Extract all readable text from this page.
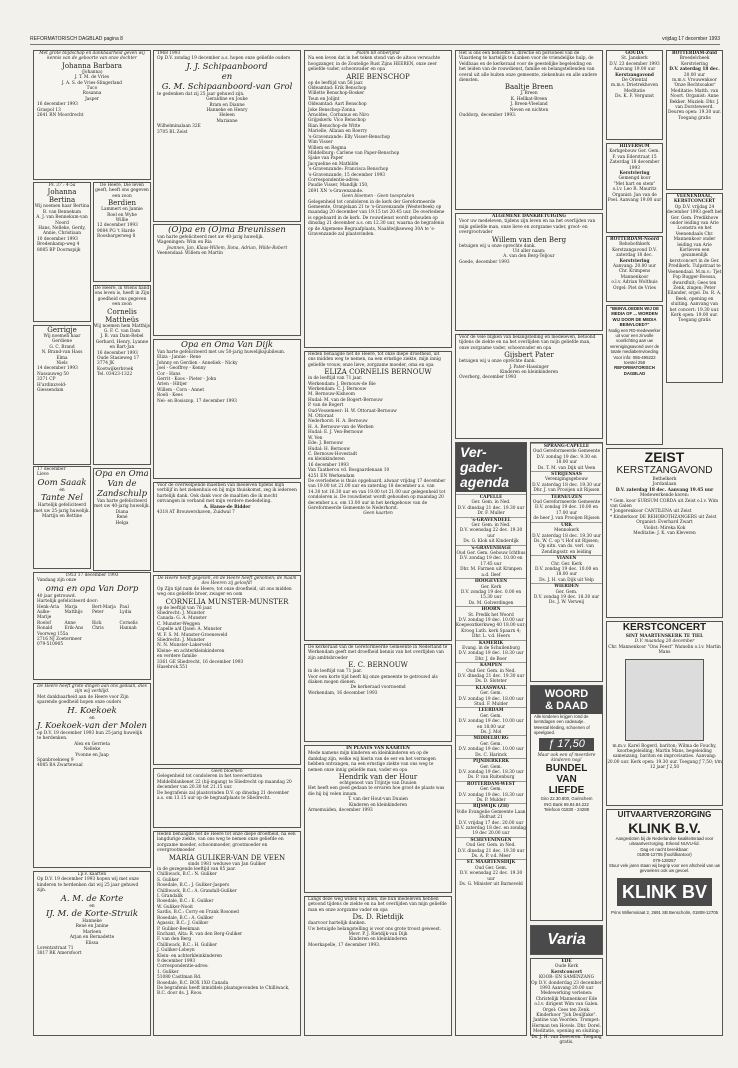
REFORMATORISCH DAGBLAD pagina 8	vrijdag 17 december 1993
Met grote blijdschap en dankbaarheid geven wij kennis van de geboorte van onze dochter
Johanna Barbara
(Johanna)
J. T. M. de Vries
J. A. S. de Vries-Slingerland
Tuco
Rosanna
Jasper
16 december 1993
Graspol 13
2641 RN Moordrecht
Ps. 37 : 4-5a
Johanna Bertina
Wij noemen haar Bertina
B. van Bennekum
A. J. van Bennekum-van Noord
Hans, Nelleke, Gerdy, Annie, Christiaan
10 december 1993
Bredenkamp-weg 4
8085 BP Doornspijk
Gerrigje
Wij noemen haar Gerdiene
G. C. Brand
N. Brand-van Hass
Elma
Niels
14 december 1993
Nassauweg 50
3371 CP
H'ardinxveld-Giessendam
17 december
Lieve
Oom Saaak
en
Tante Nel
Hartelijk gefeliciteerd met uw 25-jarig huwelijk.
Martijn en Bettine
1953 17 december 1993
Vandaag zijn onze
oma en opa Van Dorp
40 jaar getrouwd.
Hartelijk gefeliciteerd door:
Henk-Aria	Marja	Bert-Marja Paul
Aalke-Marije
Matthijs	Peter	Lydia
Roelof	Anne	Rick	Cornelis
Ronald	Erik-Ans	Chris	Hannah
Voorweg 155a
2716 NJ Zoetermeer
079-510905
De Heere heeft grote dingen aan ons gedaan, dies zijn wij verblijd.
Met dankbaarheid aan de Heere voor Zijn sparende goedheid hopen onze ouders
H. Koekoek
en
J. Koekoek-van der Molen
op D.V. 19 december 1993 hun 25-jarig huwelijk te herdenken.
Alex en Gerrieta
Nelleke
Yvonne en Jaap
Spanbroekweg 9
4085 BA Zwartewaal
i.p.v. kaarten
Op D.V. 19 december 1993 hopen wij met onze kinderen te herdenken dat wij 25 jaar gehuwd zijn.
A. M. de Korte
en
IJ. M. de Korte-Struik
Hanneke
René en Janine
Marleen
Arjan en Bernadette
Elissa
Lorentzstraat 71
3817 RK Amersfoort
1968 1993
Op D.V. zondag 19 december a.s. hopen onze geliefde ouders
J. J. Schipaanboord
en
G. M. Schipaanboord-van Grol
te gedenken dat zij 25 jaar gehuwd zijn.
Geraldine en Jouke
Bram en Dianne
Hanneke en Henry
Heleen
Marianne
Wilhelminalaan 32E
3705 BL Zeist
De Heere, Die leven geeft, heeft ons gegeven een zoon
Berdien
Lammert en Jannie
Roel en Wybe
Willie
12 december 1993
9084 PG 't Harde
Roosbargerweg 8
De Heere, in Wiens hand ons leven is, heeft in Zijn goedheid ons gegeven een zoon
Cornelis Mattheüs
Wij noemen hem Matthijs
G. F. C. van Dam
J. B. van Dam-Rebel
Gerhard, Henry, Lyanne en Bart-Jan
16 december 1993
Oude Stasieweg 17
3774 JK
Kootwijkerbroek
Tel. 03423-1322
(O)pa en (O)ma Breunissen
van harte gefeliciteerd met uw 40-jarig huwelijk.
Wageningen: Wim en Ria
Jeannes, Jan, Klaas-Willem, Ilona, Adrian, Wilde-Robert
Veenendaal: Willem en Martin
Opa en Oma Van Dijk
Van harte gefeliciteerd met uw 50-jarig huwelijksjubileum.
Eliza - Jannie - Rene
Johnny en Gerdien - Anneliek - Nicky
Joel - Geoffrey - Kenny
Cor - Hans
Gerrit - Koos - Pieter - John
Arien - Hiltjer
Willem - Corn - Annet
Roeli - Kees
Nei- en Bosiszop, 17 december 1993
Voor de overwelpende maeltien van meeleven tijdens mijn verblijf in het ziekenhuis en bij mijn thuiskomst, zeg ik iedereen hartelijk dank. Ook dank voor de maaltien die ik mocht ontvangen in verband met mijn verdere mededeling.
A. Hanse-de Ridder
4318 AT Brouwershaven, Zuidwal 7
Opa en Oma Van de
Zandschulp
Van harte gefeliciteerd met uw 40-jarig huwelijk.
Diana
René
Helga
De Heere heeft gegeven, en de Heere heeft genomen; de Naam des Heeren zij geloofd!
Op Zijn tijd nam de Heere, tot onze droefheid, uit ons midden weg ons geliefde broer, zwager en oom
CORNELIA MUNSTER-MUNSTER
op de leeftijd van 76 jaar.
Sliedrecht: J. Munster
Canada: G. A. Munster
C. Munster-Weggen
Capelle a/d IJssel: A. Munster
W. F. S. M. Munster-Groeneweld
Sliedrecht: J. Munster
N. N. Munster-Lakerveld
Kleine- en achterkleinkinderen
en verdere familie
3361 GE Sliedrecht, 16 december 1993
Hasebrok 551
Geen bloemen
Gelegenheid tot condoleren in het toevoertinten Middelblankenet 22 (bij-ingang) te Sliedrecht op maandag 20 december van 20.30 tot 21.15 uur.
De begrafenis zal plaatsvinden D.V. op dinsdag 21 december a.s. om 13.15 uur op de begraafplaats te Sliedrecht.
Heden behaagde het de Heere tot onze diepe droefheid, na een langdurige ziekte, van ons weg te nemen onze geliefde en zorgzame moeder, schoonmoeder, grootmoeder en overgrootmoeder
MARIA GULIKER-VAN DE VEEN
sinds 1981 weduwe van Jan Guliker
in de gezegende leeftijd van 85 jaar.
Chilliwack, B.C.: N. Guliker
S. Guliker
Rosedale, B.C.: J. Guliker-Jaspers
Chilliwack, B.C.: A. Grandall-Guliker
I. Grandalik
Rosedale, B.C.: E. Guliker
W. Guliker-Nooit
Sardis, B.C.: Corry en Frank Rosoned
Rosedale, B.C.: A. Guliker
Agassiz, B.C.: J. Guliker
P. Guliker-Beekman
Enchant, Alta: R. van den Berg-Guliker
F. van den Berg
Chilliwack, B.C.: H. Guliker
J. Guliker-Lobeyn
Klein- en achterkleinkinderen
9 december 1993
Correspondentie-adres:
1. Guliker
51080 Castlman Rd.
Rosedale, B.C. BOX 1XO Canada
De begrafenis heeft inmiddels plaatsgevonden te Chilliwack, B.C. door ds. J. Roos.
Psalm 68 onberijmd
Na een leven dat in het teken stond van de altoos verwachte hoogzanger, in de Zoutelige Rust Zijns HEEREN, onze zeer geliefde vader, schoonvader en opa
ARIE BENSCHOP
op de leeftijd van 58 jaar.
Oldeamtad: Erik Benschop
Willette Benschop-Bosker
Teun en Jolijnt
Oldeamtad: Aart Benschop
Joke Benschop-Zonna
Arnoldes, Corbanus en Niro
Grijpskerk: Vico Benschop
Rian Benschop-de Witte
Marielle, Allaian en Roerry
's-Gravenzande: Elly Visser-Benschop
Wim Visser
Willem en Regma
Middelburg: Carlene van Paper-Benschop
Sjake van Paper
Jacqueline en Mathilde
's-Gravenzande: Francisca Benschop
's-Gravenzande, 15 december 1993
Correspondentie-adres:
Paudie Visser, Mandijk 150,
2691 XN 's-Gravenzande.
Geen bloemen - Geen toespraken
Gelegenheid tot condoleren in de kerk der Gereformeerde Gemeente, Oranjelaan 21 te 's-Gravenzande (Westerbeek) op maandag 20 december van 19.15 tot 20.45 uur. De overledene is opgebaard in de kerk. De rouwdienst wordt gehouden op dinsdag 21 december a.s. om 12.30 uur, waarna de begrafenis op de Algemene Begraafplaats, Naaldwijkseweg 30A te 's-Gravenzande zal plaatsvinden.
Heden behaagde het de Heere, tot onze diepe droefheid, uit ons midden weg te nemen, na een ernstige ziekte, mijn innig geliefde vrouw, onze lieve, zorgzame moeder, oma en opa
ELIZA CORNELIS BERNOUW
in de leeftijd van 71 jaar.
Werkendam: J. Bernouw-de Bie
Werkendam: C. J. Bernouw
M. Bernouw-Kishoom
Hudal: M. van de Bogert-Bernouw
P. van de Bogert
Oud-Vossemeer: H. W. Ottoraat-Bernouw
M. Ottoraat
Nederhorst: H. A. Bernouw
H. A. Bernouw-van de Werken
Hudal: E. J. Ven-Bernouw
W. Ven
Ede: J. Bernouw
Hudal: H. Bernouw
C. Bernouw-Hovestadt
en kleinkinderen
16 december 1993
Van Taatkerou vd. Bosgaardenaan 10
4251 EN Werkendam
De overledene is thuis opgebaard, alwaar vrijdag 17 december van 19.00 tot 21.00 uur en zaterdag 18 december a.s. van 14.30 tot 16.30 uur en van 19.00 tot 21.00 uur gelegenheid tot condoleren is. De rouwdienst wordt gehouden op maandag 20 december a.s. om 13.00 uur in het kerkgebouw van de Gereformeerde Gemeente te Nederhorst.
Geen kaarten
De kerkeraad van de Gereformeerde Gemeente in Nederland te Werkendam geeft met droefheid kennis van het overlijden van zijn ambtsbroeder
E. C. BERNOUW
in de leeftijd van 71 jaar.
Voor een korte tijd heeft hij onze gemeente te getrouwd als diaken mogen dienen.
De kerkeraad voornoemd
Werkendam, 16 december 1993
IN PLAATS VAN KAARTEN
Mede namens mijn kinderen en kleinkinderen en op de dankdag zijn, welke wij hierin van de eer en het vermogen hebben ontvangen, na een ernstige ziekte van ons weg te nemen onze innig geliefde man, vader en opa
Hendrik van der Hour
echtgenoot van Trijntje van Duuien
Het heeft een goed gedaan te ervaren hoe groot de plaats was die hij bij velen innam.
T. van der Hout-van Duuien
Kinderen en kleinkinderen
Armemuiden, december 1993
Langs deze weg willen wij allen, die hun medeleven hebben getoond tijdens de ziekte en na het overlijden van mijn geliefde man en onze zorgzame vader en opa
Ds. D. Rietdijk
daarvoor hartelijk danken.
Uw betuigde belangstelling is voor ons grote troost geweest.
Mevr. P. J. Rietdijk-van Dijk
Kinderen en kleinkinderen
Moerkapelle, 17 december 1993.
Het is ons een behoefte u, directie en personeel van de Vlaardeng te hartelijk te danken voor de vriendelijke hulp, de Veldbaas en de kerkeraad voor de geestelijke begeleiding en het leiden van de rouwdienst, familie en belangstellenden van overal uit alle buiten onze gemeente, ziekenhuis en alle andere diensten.
Baaltje Breen
J. Breen
K. Hellkat-Breen
J. Breen-Vleeland
Neven en nichten
Ouddorp, december 1993.
ALGEMENE DANKBETUIGING
Voor uw medeleven, tijdens zijn leven en na het overlijden van mijn geliefde man, onze lieve en zorgzame vader, groot- en overgrootvader
Willem van den Berg
betuigen wij u onze oprechte dank.
Uit aller naam:
A. van den Berg-Teljour
Goede, december 1993
Voor de vele blijken van belangstelling en medeleven, betoond tijdens de ziekte en na het overlijden van mijn geliefde man, onze zorgzame vader, schoonvader en opa
Gijsbert Pater
betuigen wij u onze oprechte dank.
J. Pater-Hassinger
Kinderen en kleinkinderen
Overberg, december 1993
Ver-
gader-
agenda
CAPELLE
Ger. Gem. in Ned.
D.V. dinsdag 21 dec. 19.30 uur
Dr. F. Muller
's-GRAVENDEEL
Ger. Gem. in Ned.
D.V. woensdag 22 dec. 19.30 uur
Ds. G. Klok uit Kinderdijk
's-GRAVENHAGE
Oud Ger. Gem. Gebouw Ichthus
D.V. zondag 19 dec. 10.00 en 17.45 uur
Dhr. M. Farmen uit Krimpen a.d. Ileef
HOOGEVEEN
Ger. Kerk
D.V. zondag 19 dec. 0.00 en 15.30 uur
Ds. M. Golverdingen
HOORN
St. Predik het Woord
D.V. zondag 19 dec. 10.00 uur
Koepeoxtkerkweg 40 18.00 uur; Kroog Luth. kerk Spaarn 4; Dhr. L. v.d. Heers
KAMERIK
Evang. in de Schuilenburg
D.V. zondag 19 dec. 18.30 uur
Dhr. J. de Boer
KAMPEN
Oud Ger. Gem. in Ned.
D.V. dinsdag 21 dec. 19.30 uur
Ds. D. Slotster
KLAASWAAL
Ger. Gem.
D.V. zondag 19 dec. 18.00 uur
Stud. F. Mulder
LEERDAM
Ger. Gem.
D.V. zondag 19 dec. 10.00 uur en 18.00 uur
Ds. J. Mol
MIDDELBURG
Ger. Gem.
D.V. zondag 19 dec. 10.00 uur
Ds. C. Harinck
PIJNDERKERK
Ger. Gem.
D.V. zondag 19 dec. 18.30 uur
Ds. P. van Ruitenburg
ROTTERDAM-WEST
Ger. Gem.
D.V. zondag 19 dec. 18.30 uur
Ds. P. Mulder
RIJSWIJK (ZH)
Volle Evangelie Gemeente Laan Hofrust 21
D.V. vrijdag 17 dec. 20.00 uur
D.V. zaterdag 18 dec. en zondag 19 dec 20.00 uur
SCHEVENINGEN
Oud Ger. Gem. in Ned.
D.V. dinsdag 21 dec. 19.30 uur
Ds. A. P. v.d. Meer
ST. MAARTENSDIJK
Oud Ger. Gem.
D.V. woensdag 22 dec. 19.30 uur
Ds. G. Minister uit Barneveld
SPRANG-CAPELLE
Oud Gereformeerde Gemeente
D.V. zondag 19 dec. 9.30 en 18.00 uur
Ds. T. M. van Dijk uit Veen
STRIJENSAS
Verenigingsgebouw
D.V. zaterdag 18 dec. 19.30 uur
Dhr. J. van Prooijen uit Rijssen
TERNEUZEN
Oud Gereformeerde Gemeente
D.V. zondag 19 dec. 10.00 en 17.00 uur
de heer J. van Prooijen Rijssen
URK
Mennokerk
D.V. zaterdag 18 dec. 19.30 uur
Ds. W. C. op 't Hof uit Rijssen; Op uitn. van ds. verl. van Zendingsstr. en leiding
VIANEN
Chr. Ger. Kerk
D.V. zondag 19 dec. 10.00 en 18.00 uur
Ds. J. H. van Dijk uit Velp
WIERDEN
Ger. Gem.
D.V. zondag 19 dec. 18.30 uur
Ds. J. W. Verweij
WOORD
& DAAD
Alle kinderen krijgen rond de kerstdagen een cadeautje. Meestal kleding, schoenen of speelgoed.
ƒ 17,50
Maar ook een of meerdere kinderen nog!
BUNDEL
VAN
LIEFDE
Giro 22.30.800, Gorinchem
ING Bank 69.84.84.222
Telefoon 01830 - 24288
Varia
EDE
Oude Kerk
Kerstconcert
KOOR- EN SAMENZANG
Op D.V. donderdag 23 december 1993 Aanvang 20.00 uur
Medewerking verlenen: Christelijk Mannenkoor Ede o.l.v. dirigent Wim van Galen. Orgel: Cees ten Zenk. Kinderkoor "Joh Deuljfake". Jantine van Voorden. Trompet: Herman ten Hovels. Dhr. Dorel. Meditatie, opening en sluiting: Ds. J. H. van Doeveren. Toegang gratis.
GOUDA
St. Janskerk
D.V. 23 december 1993
Aanvang 19.00 uur
Kerstzangavond
De Oriental
m.m.v. Drietrekhoven Meditatie
Ds. K. F. Vergunst
HILVERSUM
Kerkgebouw Ger. Gem. F. van Ederstraat 15
Zaterdag 18 december 1993
Kerstviering
Gemengd koor
"Met hart en stem"
o.l.v. Leo R. Mauritz Organist: Jan van de Poel. Aanvang 19.00 uur
ROTTERDAM-Noord
Rehobothkerk
Kerstzangavond D.V. zaterdag 18 dec.
Kerstviering
Aanvang: 20.00 uur
Chr. Krimpens Mannenkoor
o.l.v. Adrian Wolthuis Orgel: Piet de Vries
ROTTERDAM-Zuid
Broedelcheek
Kerstviering
D.V. zaterdag 18 dec.
20.00 uur
m.m.v. Vrouwenkoor 'Onze Rechtsoaker'
Meditatie: Matth. van Noort. Organist: Anne Bekker. Muziek: Dhr. J. van Dorsteweerd. Deuren open: 19.30 uur. Toegang gratis
VEENENDAAL, KERSTCONCERT
Op D.V. vrijdag 24 december 1993 geeft het Ger. Gem. Predikhove onder leiding van Arie Loonstra en het Veenendaals Chr. Mannenkoor onder leiding van Arie Korlieven een gezamenlijk kerstconcert in de Ger. Predikerk. Tulpstraat te Veenendaal. M.m.v.: Tjet Fop Bugger-Boessa, dwarsfluit; Gees ten Zenk, zingen; Peter Eilander, orgel. Ds. R. A. Beek, opening en sluiting. Aanvang van het concert: 19.30 uur. Kerk open: 19.00 uur. Toegang gratis
"BEINVLOEDEN WIJ DE MEDIA OF ... WORDEN WIJ DOOR DE MEDIA BEINVLOED?"
Nodig een RD-medewerker uit voor een zinvolle voorlichting aan uw verenigingsavond over de totale mediabeïnvloeding
Voor info: 055-495222 toestel 258
REFORMATORISCH DAGBLAD
ZEIST
KERSTZANGAVOND
Bethelkerk
Jordanlaan
D.V. zaterdag 18 dec. Aanvang 19.45 uur
Medewerkende koren:
* Gem. koor SURSUM CORDA uit Zeist o.l.v. Wim van Galen
* Jongerenkoor CANTILENA uit Zeist
* Kinderkoor DE REHOBOTHZANGERS uit Zeist
Organist: Everhard Zwart
Violist: Mireka Kok
Meditatie: J. K. van Kleveren
KERSTCONCERT
SINT MAARTENSKERK TE TIEL
D.V. maandag 20 december
Chr. Mannenkoor "Ons Feest" Wamelin o.l.v. Martin Mans
m.m.v. Karel Bogerd, bariton; Wilma de Fouchy, koorbegeleiding; Martin Mans, begeleiding samenzang, bariton en improvisaties. Aanvang: 20.00 uur. Kerk open: 19.30 uur. Toegang ƒ 7,50; t/m 12 jaar ƒ 2,50
UITVAARTVERZORGING
KLINK B.V.
Aangesloten bij de Nederlandse kwaliteitsraad voor uitvaartverzorging. Erkend NUVU-lid.
Dag en nacht bereikbaar:
01808-12705 (hoofdkantoor)
079-128257
Stuur vele jaren staan wij begrip voor een afscheid van uw gevoelens ook uw gevoel.
KLINK BV
Prins Willemsiraat 2, 2691 SB Benscholm, 01808-12705
